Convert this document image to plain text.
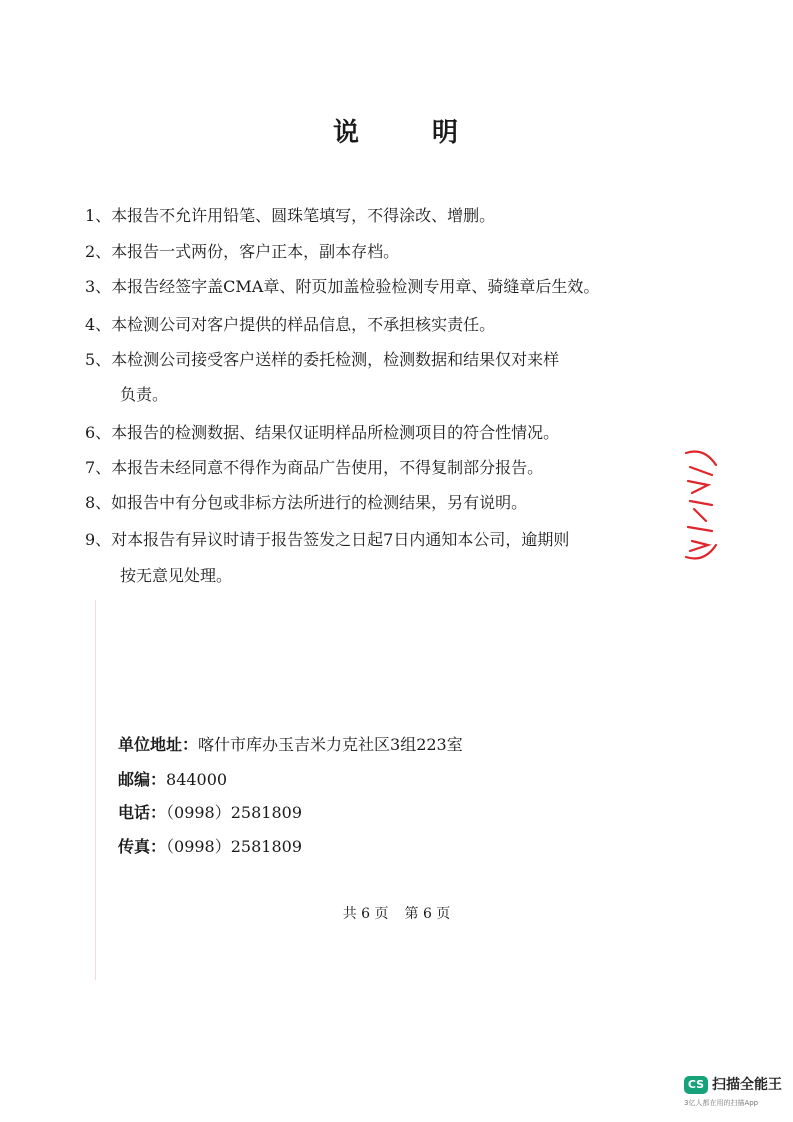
说 明
1、本报告不允许用铅笔、圆珠笔填写，不得涂改、增删。
2、本报告一式两份，客户正本，副本存档。
3、本报告经签字盖CMA章、附页加盖检验检测专用章、骑缝章后生效。
4、本检测公司对客户提供的样品信息，不承担核实责任。
5、本检测公司接受客户送样的委托检测，检测数据和结果仅对来样
负责。
6、本报告的检测数据、结果仅证明样品所检测项目的符合性情况。
7、本报告未经同意不得作为商品广告使用，不得复制部分报告。
8、如报告中有分包或非标方法所进行的检测结果，另有说明。
9、对本报告有异议时请于报告签发之日起7日内通知本公司，逾期则
按无意见处理。
单位地址：喀什市库办玉吉米力克社区3组223室
邮编：844000
电话：（0998）2581809
传真：（0998）2581809
共 6 页 第 6 页
CS 扫描全能王
3亿人都在用的扫描App
